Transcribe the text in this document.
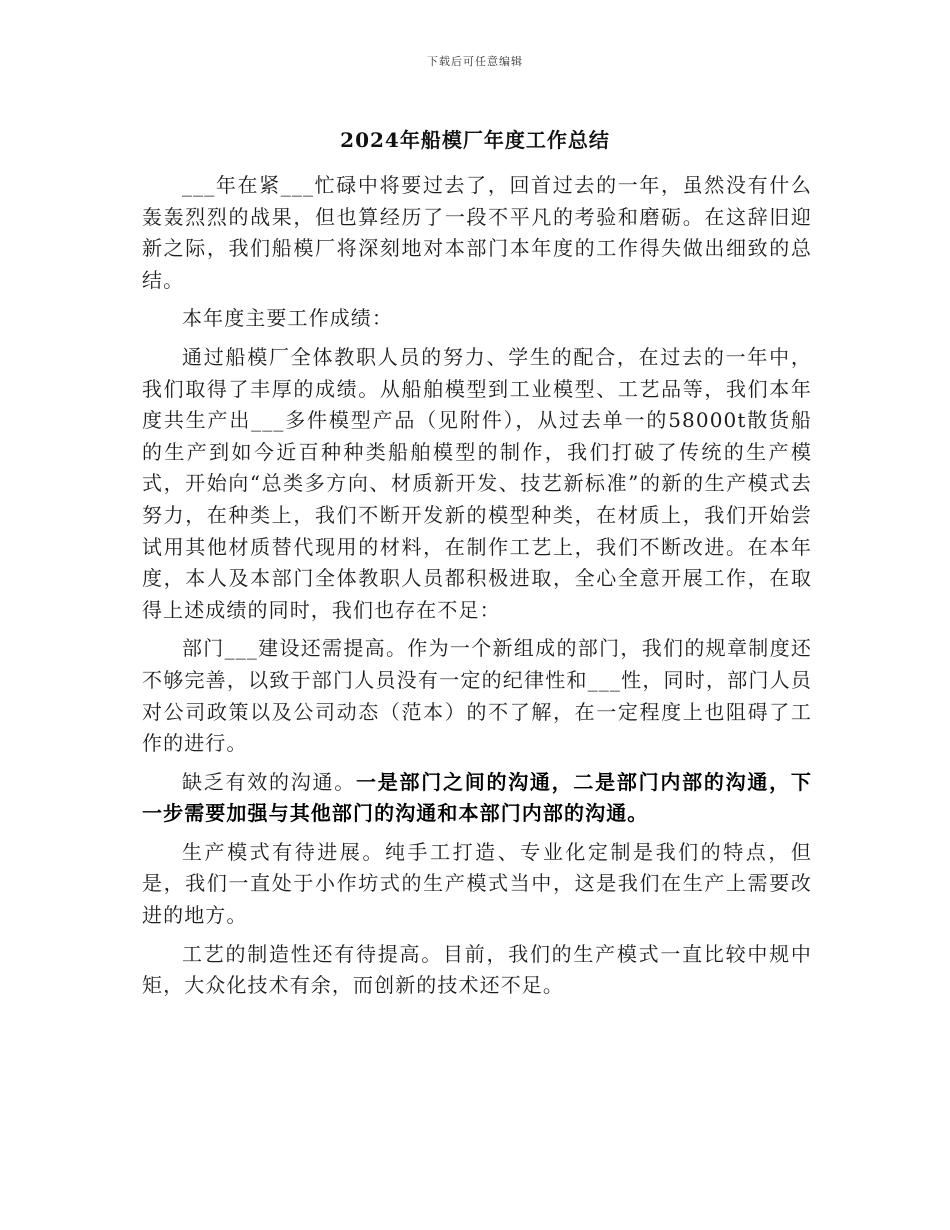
下载后可任意编辑
2024年船模厂年度工作总结

___年在紧___忙碌中将要过去了，回首过去的一年，虽然没有什么轰轰烈烈的战果，但也算经历了一段不平凡的考验和磨砺。在这辞旧迎新之际，我们船模厂将深刻地对本部门本年度的工作得失做出细致的总结。

本年度主要工作成绩：

通过船模厂全体教职人员的努力、学生的配合，在过去的一年中，我们取得了丰厚的成绩。从船舶模型到工业模型、工艺品等，我们本年度共生产出___多件模型产品（见附件），从过去单一的58000t散货船的生产到如今近百种种类船舶模型的制作，我们打破了传统的生产模式，开始向“总类多方向、材质新开发、技艺新标准”的新的生产模式去努力，在种类上，我们不断开发新的模型种类，在材质上，我们开始尝试用其他材质替代现用的材料，在制作工艺上，我们不断改进。在本年度，本人及本部门全体教职人员都积极进取，全心全意开展工作，在取得上述成绩的同时，我们也存在不足：

部门___建设还需提高。作为一个新组成的部门，我们的规章制度还不够完善，以致于部门人员没有一定的纪律性和___性，同时，部门人员对公司政策以及公司动态（范本）的不了解，在一定程度上也阻碍了工作的进行。

缺乏有效的沟通。一是部门之间的沟通，二是部门内部的沟通，下一步需要加强与其他部门的沟通和本部门内部的沟通。

生产模式有待进展。纯手工打造、专业化定制是我们的特点，但是，我们一直处于小作坊式的生产模式当中，这是我们在生产上需要改进的地方。

工艺的制造性还有待提高。目前，我们的生产模式一直比较中规中矩，大众化技术有余，而创新的技术还不足。
